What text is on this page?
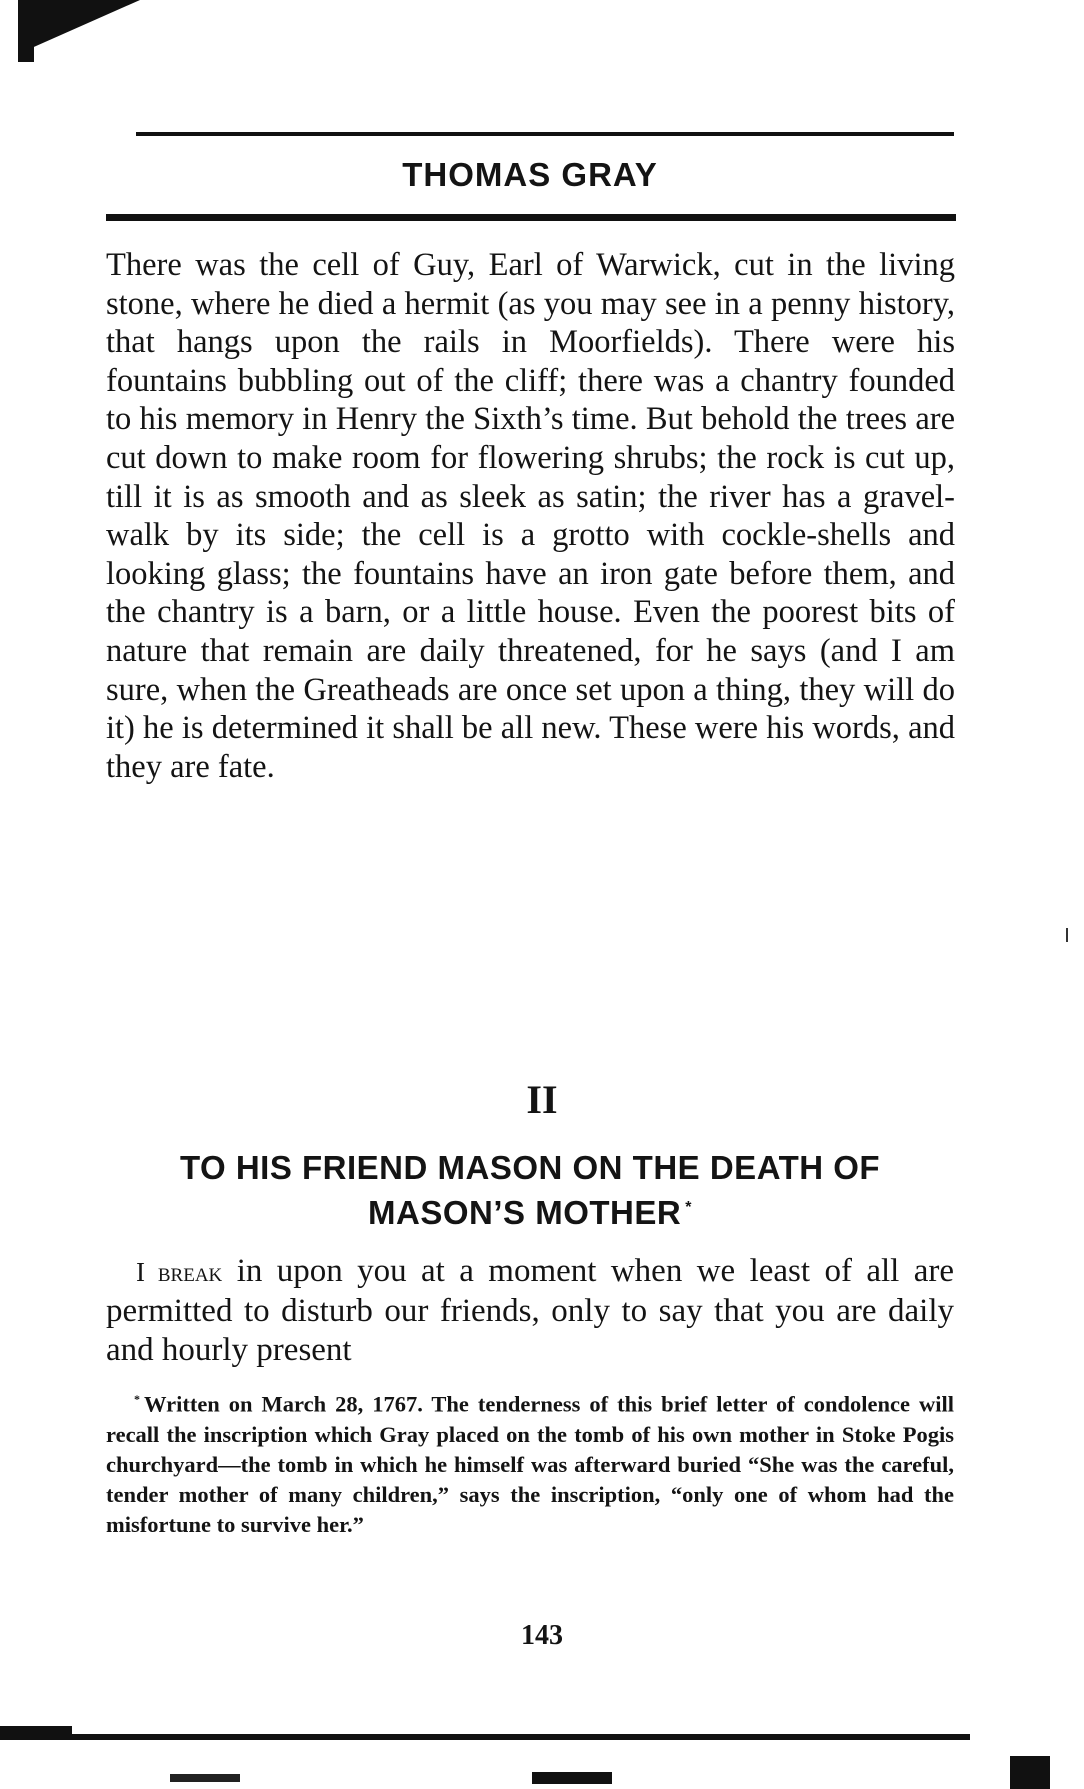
THOMAS GRAY

There was the cell of Guy, Earl of Warwick, cut in the living stone, where he died a hermit (as you may see in a penny history, that hangs upon the rails in Moorfields). There were his fountains bubbling out of the cliff; there was a chantry founded to his memory in Henry the Sixth’s time. But behold the trees are cut down to make room for flowering shrubs; the rock is cut up, till it is as smooth and as sleek as satin; the river has a gravel-walk by its side; the cell is a grotto with cockle-shells and looking glass; the fountains have an iron gate before them, and the chantry is a barn, or a little house. Even the poorest bits of nature that remain are daily threatened, for he says (and I am sure, when the Greatheads are once set upon a thing, they will do it) he is determined it shall be all new. These were his words, and they are fate.

II
TO HIS FRIEND MASON ON THE DEATH OF MASON’S MOTHER *

I break in upon you at a moment when we least of all are permitted to disturb our friends, only to say that you are daily and hourly present

* Written on March 28, 1767. The tenderness of this brief letter of condolence will recall the inscription which Gray placed on the tomb of his own mother in Stoke Pogis churchyard—the tomb in which he himself was afterward buried “She was the careful, tender mother of many children,” says the inscription, “only one of whom had the misfortune to survive her.”

143
